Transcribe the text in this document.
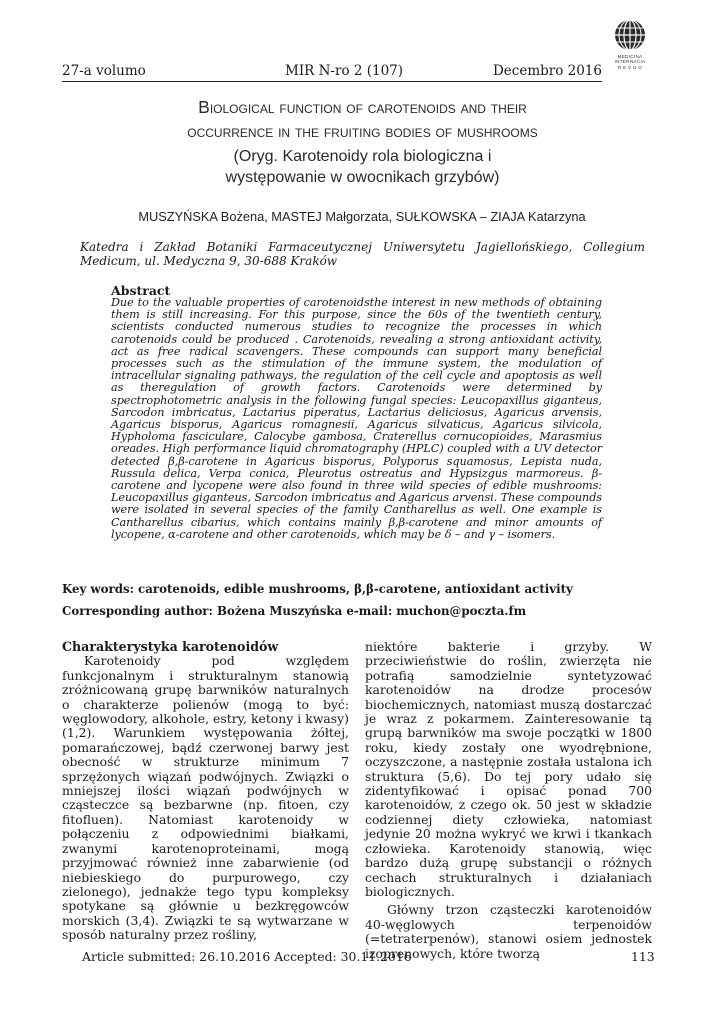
27-a volumo	MIR N-ro 2 (107)	Decembro 2016
MEDICINA
INTERNACIA
R E V U O
Biological function of carotenoids and their
occurrence in the fruiting bodies of mushrooms
(Oryg. Karotenoidy rola biologiczna i
występowanie w owocnikach grzybów)
MUSZYŃSKA Bożena, MASTEJ Małgorzata, SUŁKOWSKA – ZIAJA Katarzyna
Katedra i Zakład Botaniki Farmaceutycznej Uniwersytetu Jagiellońskiego, Collegium Medicum, ul. Medyczna 9, 30-688 Kraków
Abstract
Due to the valuable properties of carotenoidsthe interest in new methods of obtaining them is still increasing. For this purpose, since the 60s of the twentieth century, scientists conducted numerous studies to recognize the processes in which carotenoids could be produced . Carotenoids, revealing a strong antioxidant activity, act as free radical scavengers. These compounds can support many beneficial processes such as the stimulation of the immune system, the modulation of intracellular signaling pathways, the regulation of the cell cycle and apoptosis as well as theregulation of growth factors. Carotenoids were determined by spectrophotometric analysis in the following fungal species: Leucopaxillus giganteus, Sarcodon imbricatus, Lactarius piperatus, Lactarius deliciosus, Agaricus arvensis, Agaricus bisporus, Agaricus romagnesii, Agaricus silvaticus, Agaricus silvicola, Hypholoma fasciculare, Calocybe gambosa, Craterellus cornucopioides, Marasmius oreades. High performance liquid chromatography (HPLC) coupled with a UV detector detected β,β-carotene in Agaricus bisporus, Polyporus squamosus, Lepista nuda, Russula delica, Verpa conica, Pleurotus ostreatus and Hypsizgus marmoreus. β-carotene and lycopene were also found in three wild species of edible mushrooms: Leucopaxillus giganteus, Sarcodon imbricatus and Agaricus arvensi. These compounds were isolated in several species of the family Cantharellus as well. One example is Cantharellus cibarius, which contains mainly β,β-carotene and minor amounts of lycopene, α-carotene and other carotenoids, which may be δ – and γ – isomers.
Key words: carotenoids, edible mushrooms, β,β-carotene, antioxidant activity
Corresponding author: Bożena Muszyńska e-mail: muchon@poczta.fm
Charakterystyka karotenoidów

Karotenoidy pod względem funkcjonalnym i strukturalnym stanowią zróżnicowaną grupę barwników naturalnych o charakterze polienów (mogą to być: węglowodory, alkohole, estry, ketony i kwasy) (1,2). Warunkiem występowania żółtej, pomarańczowej, bądź czerwonej barwy jest obecność w strukturze minimum 7 sprzężonych wiązań podwójnych. Związki o mniejszej ilości wiązań podwójnych w cząsteczce są bezbarwne (np. fitoen, czy fitofluen). Natomiast karotenoidy w połączeniu z odpowiednimi białkami, zwanymi karotenoproteinami, mogą przyjmować również inne zabarwienie (od niebieskiego do purpurowego, czy zielonego), jednakże tego typu kompleksy spotykane są głównie u bezkręgowców morskich (3,4). Związki te są wytwarzane w sposób naturalny przez rośliny,

niektóre bakterie i grzyby. W przeciwieństwie do roślin, zwierzęta nie potrafią samodzielnie syntetyzować karotenoidów na drodze procesów biochemicznych, natomiast muszą dostarczać je wraz z pokarmem. Zainteresowanie tą grupą barwników ma swoje początki w 1800 roku, kiedy zostały one wyodrębnione, oczyszczone, a następnie została ustalona ich struktura (5,6). Do tej pory udało się zidentyfikować i opisać ponad 700 karotenoidów, z czego ok. 50 jest w składzie codziennej diety człowieka, natomiast jedynie 20 można wykryć we krwi i tkankach człowieka. Karotenoidy stanowią, więc bardzo dużą grupę substancji o różnych cechach strukturalnych i działaniach biologicznych.

Główny trzon cząsteczki karotenoidów 40-węglowych terpenoidów (=tetraterpenów), stanowi osiem jednostek izoprenowych, które tworzą

Article submitted: 26.10.2016 Accepted: 30.11.2016	113
